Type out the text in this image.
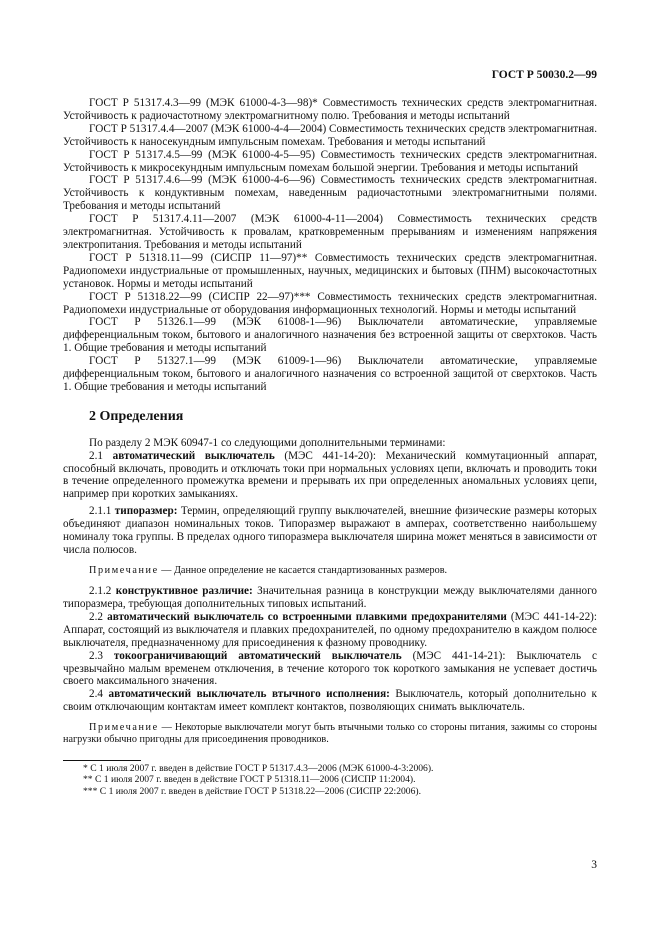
ГОСТ Р 50030.2—99

ГОСТ Р 51317.4.3—99 (МЭК 61000-4-3—98)* Совместимость технических средств электромагнитная. Устойчивость к радиочастотному электромагнитному полю. Требования и методы испытаний

ГОСТ Р 51317.4.4—2007 (МЭК 61000-4-4—2004) Совместимость технических средств электромагнитная. Устойчивость к наносекундным импульсным помехам. Требования и методы испытаний

ГОСТ Р 51317.4.5—99 (МЭК 61000-4-5—95) Совместимость технических средств электромагнитная. Устойчивость к микросекундным импульсным помехам большой энергии. Требования и методы испытаний

ГОСТ Р 51317.4.6—99 (МЭК 61000-4-6—96) Совместимость технических средств электромагнитная. Устойчивость к кондуктивным помехам, наведенным радиочастотными электромагнитными полями. Требования и методы испытаний

ГОСТ Р 51317.4.11—2007 (МЭК 61000-4-11—2004) Совместимость технических средств электромагнитная. Устойчивость к провалам, кратковременным прерываниям и изменениям напряжения электропитания. Требования и методы испытаний

ГОСТ Р 51318.11—99 (СИСПР 11—97)** Совместимость технических средств электромагнитная. Радиопомехи индустриальные от промышленных, научных, медицинских и бытовых (ПНМ) высокочастотных установок. Нормы и методы испытаний

ГОСТ Р 51318.22—99 (СИСПР 22—97)*** Совместимость технических средств электромагнитная. Радиопомехи индустриальные от оборудования информационных технологий. Нормы и методы испытаний

ГОСТ Р 51326.1—99 (МЭК 61008-1—96) Выключатели автоматические, управляемые дифференциальным током, бытового и аналогичного назначения без встроенной защиты от сверхтоков. Часть 1. Общие требования и методы испытаний

ГОСТ Р 51327.1—99 (МЭК 61009-1—96) Выключатели автоматические, управляемые дифференциальным током, бытового и аналогичного назначения со встроенной защитой от сверхтоков. Часть 1. Общие требования и методы испытаний

2 Определения

По разделу 2 МЭК 60947-1 со следующими дополнительными терминами:

2.1 автоматический выключатель (МЭС 441-14-20): Механический коммутационный аппарат, способный включать, проводить и отключать токи при нормальных условиях цепи, включать и проводить токи в течение определенного промежутка времени и прерывать их при определенных аномальных условиях цепи, например при коротких замыканиях.

2.1.1 типоразмер: Термин, определяющий группу выключателей, внешние физические размеры которых объединяют диапазон номинальных токов. Типоразмер выражают в амперах, соответственно наибольшему номиналу тока группы. В пределах одного типоразмера выключателя ширина может меняться в зависимости от числа полюсов.

Примечание — Данное определение не касается стандартизованных размеров.

2.1.2 конструктивное различие: Значительная разница в конструкции между выключателями данного типоразмера, требующая дополнительных типовых испытаний.

2.2 автоматический выключатель со встроенными плавкими предохранителями (МЭС 441-14-22): Аппарат, состоящий из выключателя и плавких предохранителей, по одному предохранителю в каждом полюсе выключателя, предназначенному для присоединения к фазному проводнику.

2.3 токоограничивающий автоматический выключатель (МЭС 441-14-21): Выключатель с чрезвычайно малым временем отключения, в течение которого ток короткого замыкания не успевает достичь своего максимального значения.

2.4 автоматический выключатель втычного исполнения: Выключатель, который дополнительно к своим отключающим контактам имеет комплект контактов, позволяющих снимать выключатель.

Примечание — Некоторые выключатели могут быть втычными только со стороны питания, зажимы со стороны нагрузки обычно пригодны для присоединения проводников.

* С 1 июля 2007 г. введен в действие ГОСТ Р 51317.4.3—2006 (МЭК 61000-4-3:2006).

** С 1 июля 2007 г. введен в действие ГОСТ Р 51318.11—2006 (СИСПР 11:2004).

*** С 1 июля 2007 г. введен в действие ГОСТ Р 51318.22—2006 (СИСПР 22:2006).

3
